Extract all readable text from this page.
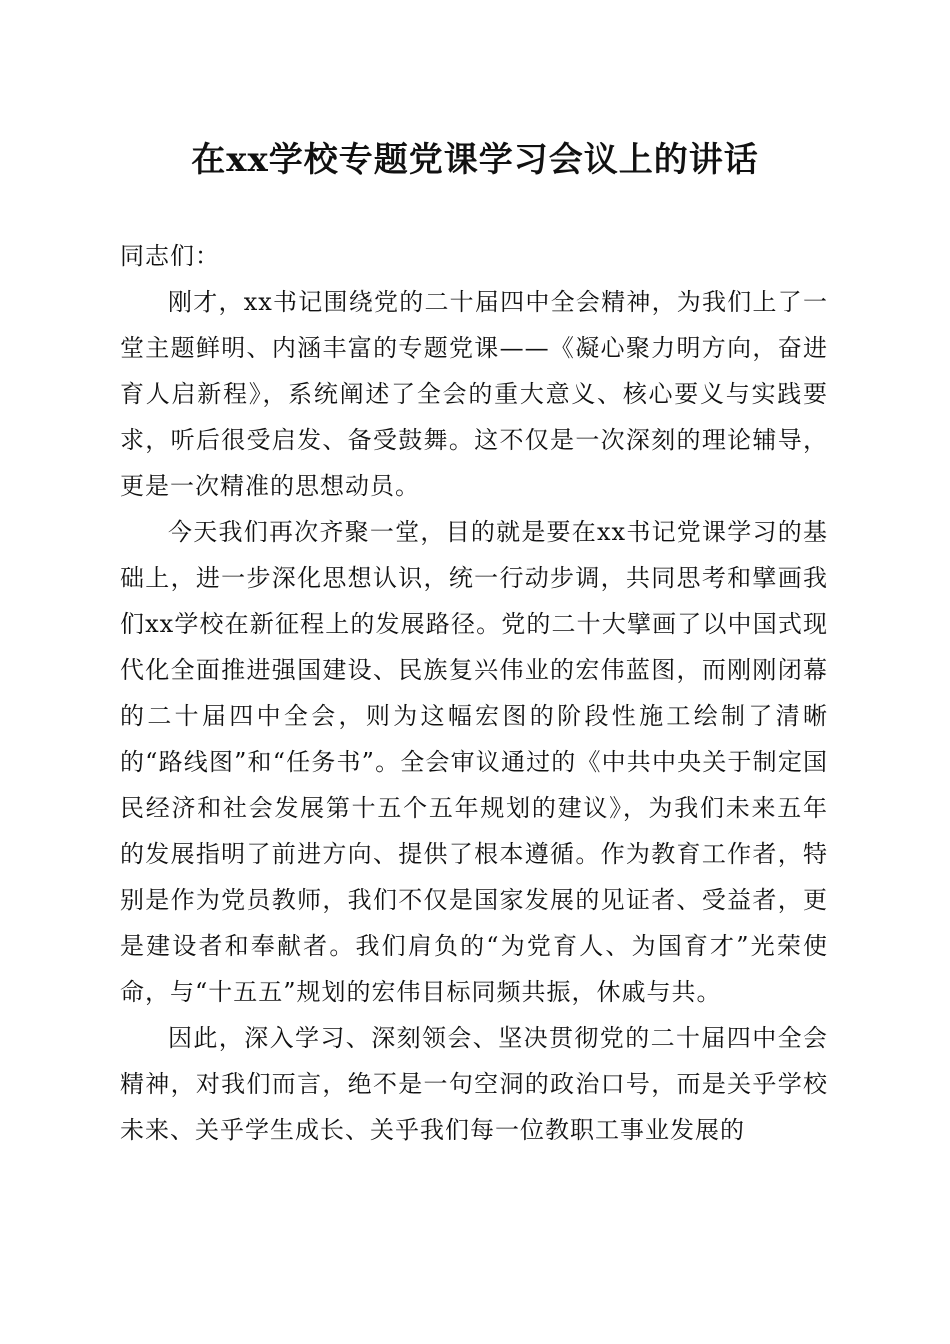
在xx学校专题党课学习会议上的讲话

同志们：

刚才，xx书记围绕党的二十届四中全会精神，为我们上了一堂主题鲜明、内涵丰富的专题党课——《凝心聚力明方向，奋进育人启新程》，系统阐述了全会的重大意义、核心要义与实践要求，听后很受启发、备受鼓舞。这不仅是一次深刻的理论辅导，更是一次精准的思想动员。

今天我们再次齐聚一堂，目的就是要在xx书记党课学习的基础上，进一步深化思想认识，统一行动步调，共同思考和擘画我们xx学校在新征程上的发展路径。党的二十大擘画了以中国式现代化全面推进强国建设、民族复兴伟业的宏伟蓝图，而刚刚闭幕的二十届四中全会，则为这幅宏图的阶段性施工绘制了清晰的“路线图”和“任务书”。全会审议通过的《中共中央关于制定国民经济和社会发展第十五个五年规划的建议》，为我们未来五年的发展指明了前进方向、提供了根本遵循。作为教育工作者，特别是作为党员教师，我们不仅是国家发展的见证者、受益者，更是建设者和奉献者。我们肩负的“为党育人、为国育才”光荣使命，与“十五五”规划的宏伟目标同频共振，休戚与共。

因此，深入学习、深刻领会、坚决贯彻党的二十届四中全会精神，对我们而言，绝不是一句空洞的政治口号，而是关乎学校未来、关乎学生成长、关乎我们每一位教职工事业发展的
